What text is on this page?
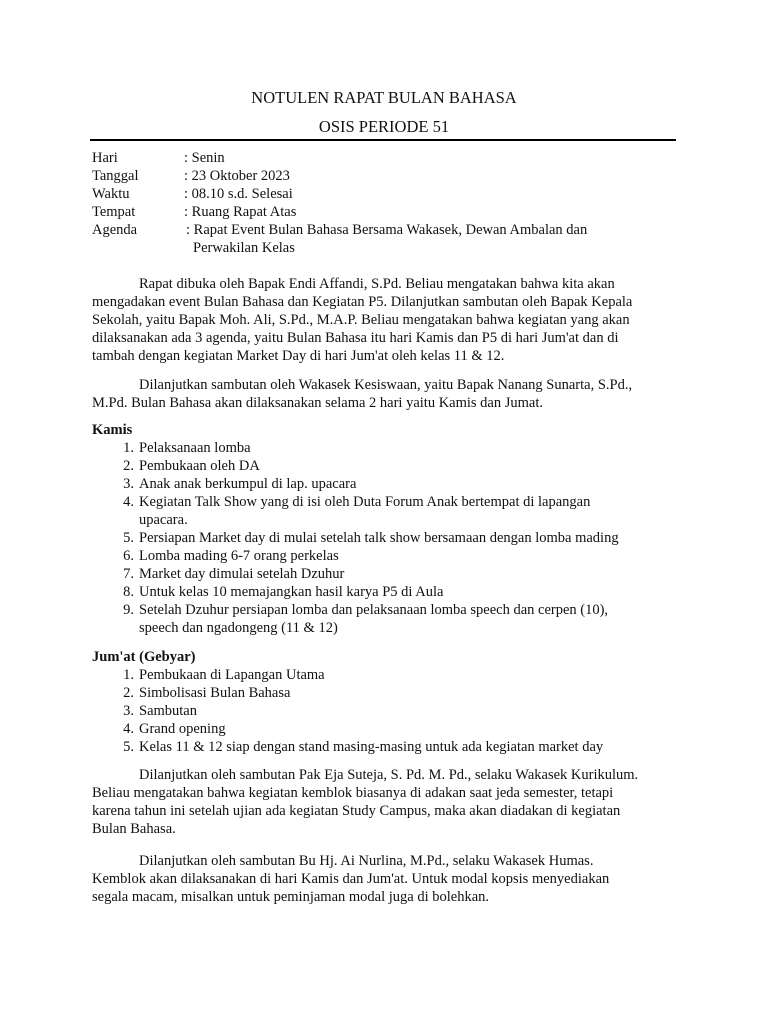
NOTULEN RAPAT BULAN BAHASA
OSIS PERIODE 51
Hari	: Senin
Tanggal	: 23 Oktober 2023
Waktu	: 08.10 s.d. Selesai
Tempat	: Ruang Rapat Atas
Agenda	: Rapat Event Bulan Bahasa Bersama Wakasek, Dewan Ambalan dan
Perwakilan Kelas
Rapat dibuka oleh Bapak Endi Affandi, S.Pd. Beliau mengatakan bahwa kita akan
mengadakan event Bulan Bahasa dan Kegiatan P5. Dilanjutkan sambutan oleh Bapak Kepala
Sekolah, yaitu Bapak Moh. Ali, S.Pd., M.A.P. Beliau mengatakan bahwa kegiatan yang akan
dilaksanakan ada 3 agenda, yaitu Bulan Bahasa itu hari Kamis dan P5 di hari Jum'at dan di
tambah dengan kegiatan Market Day di hari Jum'at oleh kelas 11 & 12.
Dilanjutkan sambutan oleh Wakasek Kesiswaan, yaitu Bapak Nanang Sunarta, S.Pd.,
M.Pd. Bulan Bahasa akan dilaksanakan selama 2 hari yaitu Kamis dan Jumat.
Kamis
1. Pelaksanaan lomba
2. Pembukaan oleh DA
3. Anak anak berkumpul di lap. upacara
4. Kegiatan Talk Show yang di isi oleh Duta Forum Anak bertempat di lapangan
upacara.
5. Persiapan Market day di mulai setelah talk show bersamaan dengan lomba mading
6. Lomba mading 6-7 orang perkelas
7. Market day dimulai setelah Dzuhur
8. Untuk kelas 10 memajangkan hasil karya P5 di Aula
9. Setelah Dzuhur persiapan lomba dan pelaksanaan lomba speech dan cerpen (10),
speech dan ngadongeng (11 & 12)
Jum'at (Gebyar)
1. Pembukaan di Lapangan Utama
2. Simbolisasi Bulan Bahasa
3. Sambutan
4. Grand opening
5. Kelas 11 & 12 siap dengan stand masing-masing untuk ada kegiatan market day
Dilanjutkan oleh sambutan Pak Eja Suteja, S. Pd. M. Pd., selaku Wakasek Kurikulum.
Beliau mengatakan bahwa kegiatan kemblok biasanya di adakan saat jeda semester, tetapi
karena tahun ini setelah ujian ada kegiatan Study Campus, maka akan diadakan di kegiatan
Bulan Bahasa.
Dilanjutkan oleh sambutan Bu Hj. Ai Nurlina, M.Pd., selaku Wakasek Humas.
Kemblok akan dilaksanakan di hari Kamis dan Jum'at. Untuk modal kopsis menyediakan
segala macam, misalkan untuk peminjaman modal juga di bolehkan.
